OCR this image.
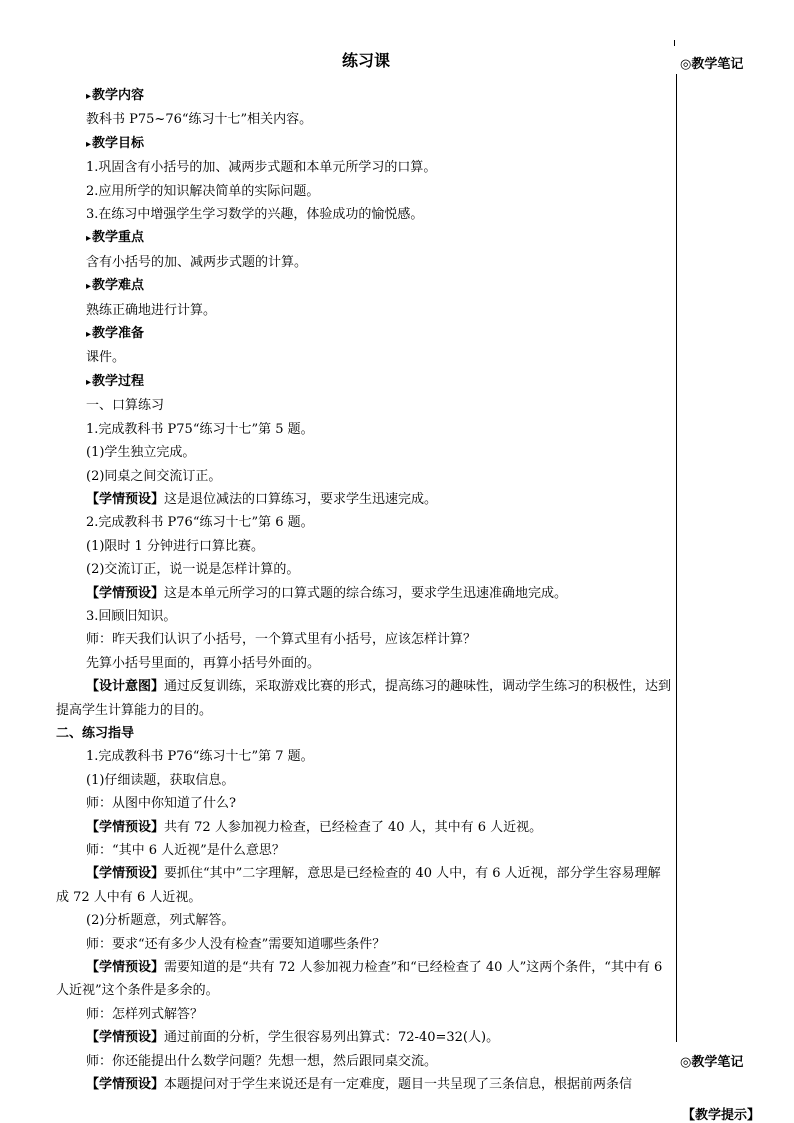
练习课	◎教学笔记
◎教学笔记
【教学提示】

▸ 教学内容

教科书 P75~76“练习十七”相关内容。

▸ 教学目标

1.巩固含有小括号的加、减两步式题和本单元所学习的口算。

2.应用所学的知识解决简单的实际问题。

3.在练习中增强学生学习数学的兴趣，体验成功的愉悦感。

▸ 教学重点

含有小括号的加、减两步式题的计算。

▸ 教学难点

熟练正确地进行计算。

▸ 教学准备

课件。

▸ 教学过程

一、口算练习

1.完成教科书 P75“练习十七”第 5 题。

(1)学生独立完成。

(2)同桌之间交流订正。

【学情预设】这是退位减法的口算练习，要求学生迅速完成。

2.完成教科书 P76“练习十七”第 6 题。

(1)限时 1 分钟进行口算比赛。

(2)交流订正，说一说是怎样计算的。

【学情预设】这是本单元所学习的口算式题的综合练习，要求学生迅速准确地完成。

3.回顾旧知识。

师：昨天我们认识了小括号，一个算式里有小括号，应该怎样计算？

先算小括号里面的，再算小括号外面的。

【设计意图】通过反复训练，采取游戏比赛的形式，提高练习的趣味性，调动学生练习的积极性，达到提高学生计算能力的目的。

二、练习指导

1.完成教科书 P76“练习十七”第 7 题。

(1)仔细读题，获取信息。

师：从图中你知道了什么?

【学情预设】共有 72 人参加视力检查，已经检查了 40 人，其中有 6 人近视。

师：“其中 6 人近视”是什么意思？

【学情预设】要抓住“其中”二字理解，意思是已经检查的 40 人中，有 6 人近视，部分学生容易理解成 72 人中有 6 人近视。

(2)分析题意，列式解答。

师：要求“还有多少人没有检查”需要知道哪些条件？

【学情预设】需要知道的是“共有 72 人参加视力检查”和“已经检查了 40 人”这两个条件，“其中有 6 人近视”这个条件是多余的。

师：怎样列式解答？

【学情预设】通过前面的分析，学生很容易列出算式：72-40=32(人)。

师：你还能提出什么数学问题？先想一想，然后跟同桌交流。

【学情预设】本题提问对于学生来说还是有一定难度，题目一共呈现了三条信息，根据前两条信
